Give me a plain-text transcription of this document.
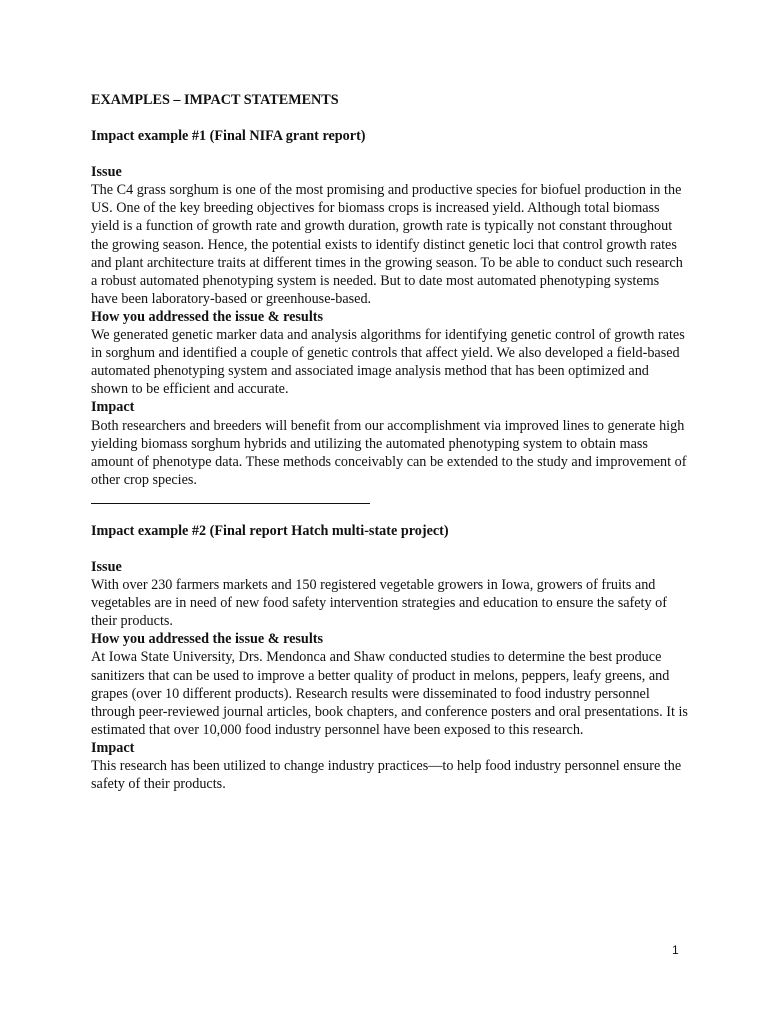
EXAMPLES – IMPACT STATEMENTS

Impact example #1 (Final NIFA grant report)

Issue

The C4 grass sorghum is one of the most promising and productive species for biofuel production in the US. One of the key breeding objectives for biomass crops is increased yield. Although total biomass yield is a function of growth rate and growth duration, growth rate is typically not constant throughout the growing season. Hence, the potential exists to identify distinct genetic loci that control growth rates and plant architecture traits at different times in the growing season. To be able to conduct such research a robust automated phenotyping system is needed. But to date most automated phenotyping systems have been laboratory-based or greenhouse-based.

How you addressed the issue & results

We generated genetic marker data and analysis algorithms for identifying genetic control of growth rates in sorghum and identified a couple of genetic controls that affect yield. We also developed a field-based automated phenotyping system and associated image analysis method that has been optimized and shown to be efficient and accurate.

Impact

Both researchers and breeders will benefit from our accomplishment via improved lines to generate high yielding biomass sorghum hybrids and utilizing the automated phenotyping system to obtain mass amount of phenotype data. These methods conceivably can be extended to the study and improvement of other crop species.

Impact example #2 (Final report Hatch multi-state project)

Issue

With over 230 farmers markets and 150 registered vegetable growers in Iowa, growers of fruits and vegetables are in need of new food safety intervention strategies and education to ensure the safety of their products.

How you addressed the issue & results

At Iowa State University, Drs. Mendonca and Shaw conducted studies to determine the best produce sanitizers that can be used to improve a better quality of product in melons, peppers, leafy greens, and grapes (over 10 different products). Research results were disseminated to food industry personnel through peer-reviewed journal articles, book chapters, and conference posters and oral presentations. It is estimated that over 10,000 food industry personnel have been exposed to this research.

Impact

This research has been utilized to change industry practices—to help food industry personnel ensure the safety of their products.

1
